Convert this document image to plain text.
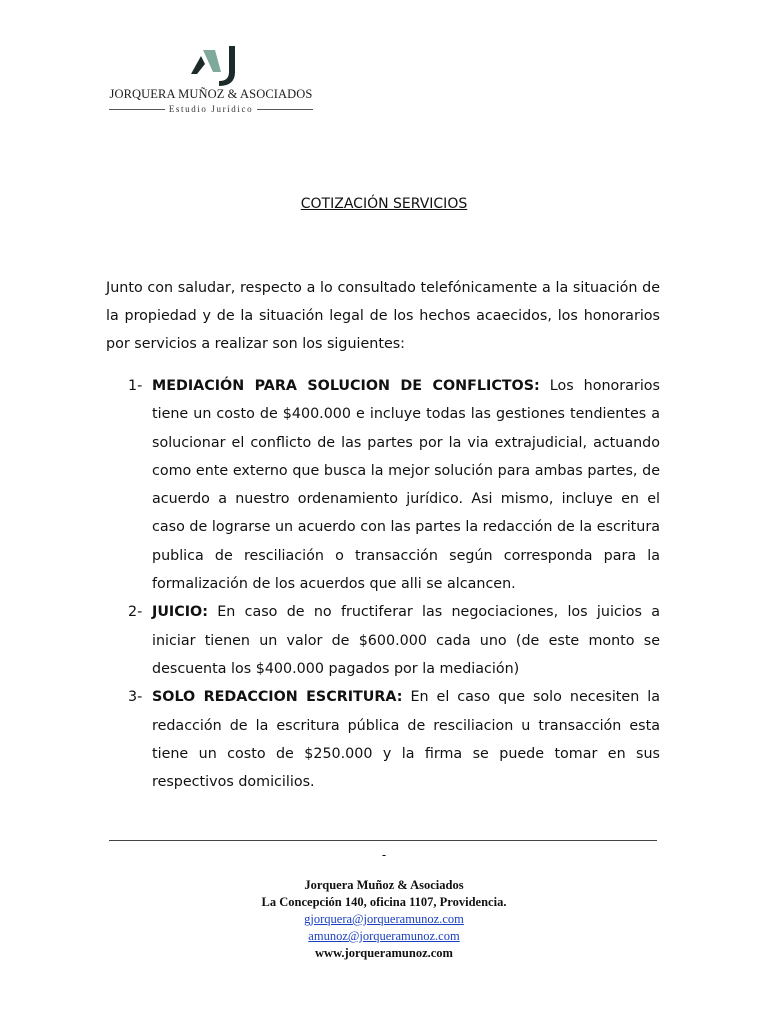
JORQUERA MUÑOZ & ASOCIADOS
Estudio Jurídico
COTIZACIÓN SERVICIOS
Junto con saludar, respecto a lo consultado telefónicamente a la situación de la propiedad y de la situación legal de los hechos acaecidos, los honorarios por servicios a realizar son los siguientes:
1- MEDIACIÓN PARA SOLUCION DE CONFLICTOS: Los honorarios tiene un costo de $400.000 e incluye todas las gestiones tendientes a solucionar el conflicto de las partes por la via extrajudicial, actuando como ente externo que busca la mejor solución para ambas partes, de acuerdo a nuestro ordenamiento jurídico. Asi mismo, incluye en el caso de lograrse un acuerdo con las partes la redacción de la escritura publica de resciliación o transacción según corresponda para la formalización de los acuerdos que alli se alcancen.
2- JUICIO: En caso de no fructiferar las negociaciones, los juicios a iniciar tienen un valor de $600.000 cada uno (de este monto se descuenta los $400.000 pagados por la mediación)
3- SOLO REDACCION ESCRITURA: En el caso que solo necesiten la redacción de la escritura pública de resciliacion u transacción esta tiene un costo de $250.000 y la firma se puede tomar en sus respectivos domicilios.
-
Jorquera Muñoz & Asociados
La Concepción 140, oficina 1107, Providencia.
gjorquera@jorqueramunoz.com
amunoz@jorqueramunoz.com
www.jorqueramunoz.com
